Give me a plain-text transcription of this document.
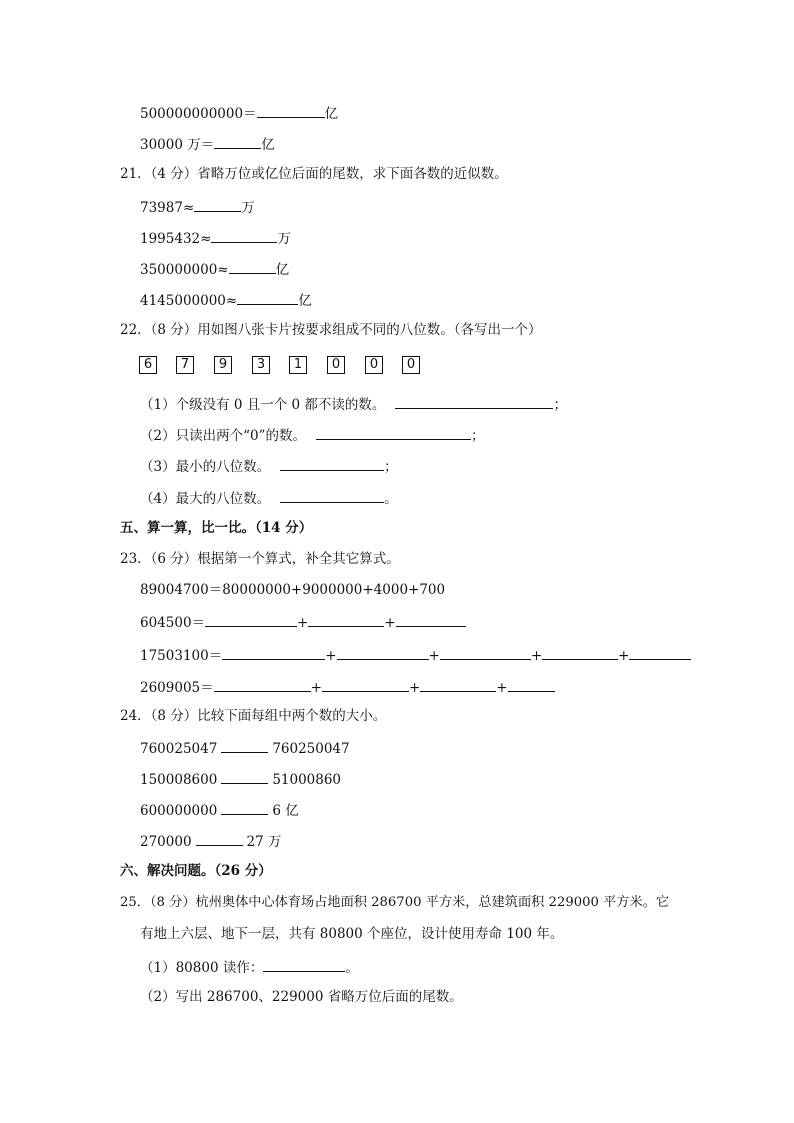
500000000000＝	亿
30000 万＝	亿
21．（4 分）省略万位或亿位后面的尾数，求下面各数的近似数。
73987≈	万
1995432≈	万
350000000≈	亿
4145000000≈	亿
22．（8 分）用如图八张卡片按要求组成不同的八位数。（各写出一个）
6	7	9	3	1	0	0	0
（1）个级没有 0 且一个 0 都不读的数。	；
（2）只读出两个“0”的数。	；
（3）最小的八位数。	；
（4）最大的八位数。	。
五、算一算，比一比。（14 分）
23．（6 分）根据第一个算式，补全其它算式。
89004700＝80000000+9000000+4000+700
604500＝	+	+
17503100＝	+	+	+	+
2609005＝	+	+	+
24．（8 分）比较下面每组中两个数的大小。
760025047	760250047
150008600	51000860
600000000	6 亿
270000	27 万
六、解决问题。（26 分）
25．（8 分）杭州奥体中心体育场占地面积 286700 平方米，总建筑面积 229000 平方米。它
有地上六层、地下一层，共有 80800 个座位，设计使用寿命 100 年。
（1）80800 读作：	。
（2）写出 286700、229000 省略万位后面的尾数。
